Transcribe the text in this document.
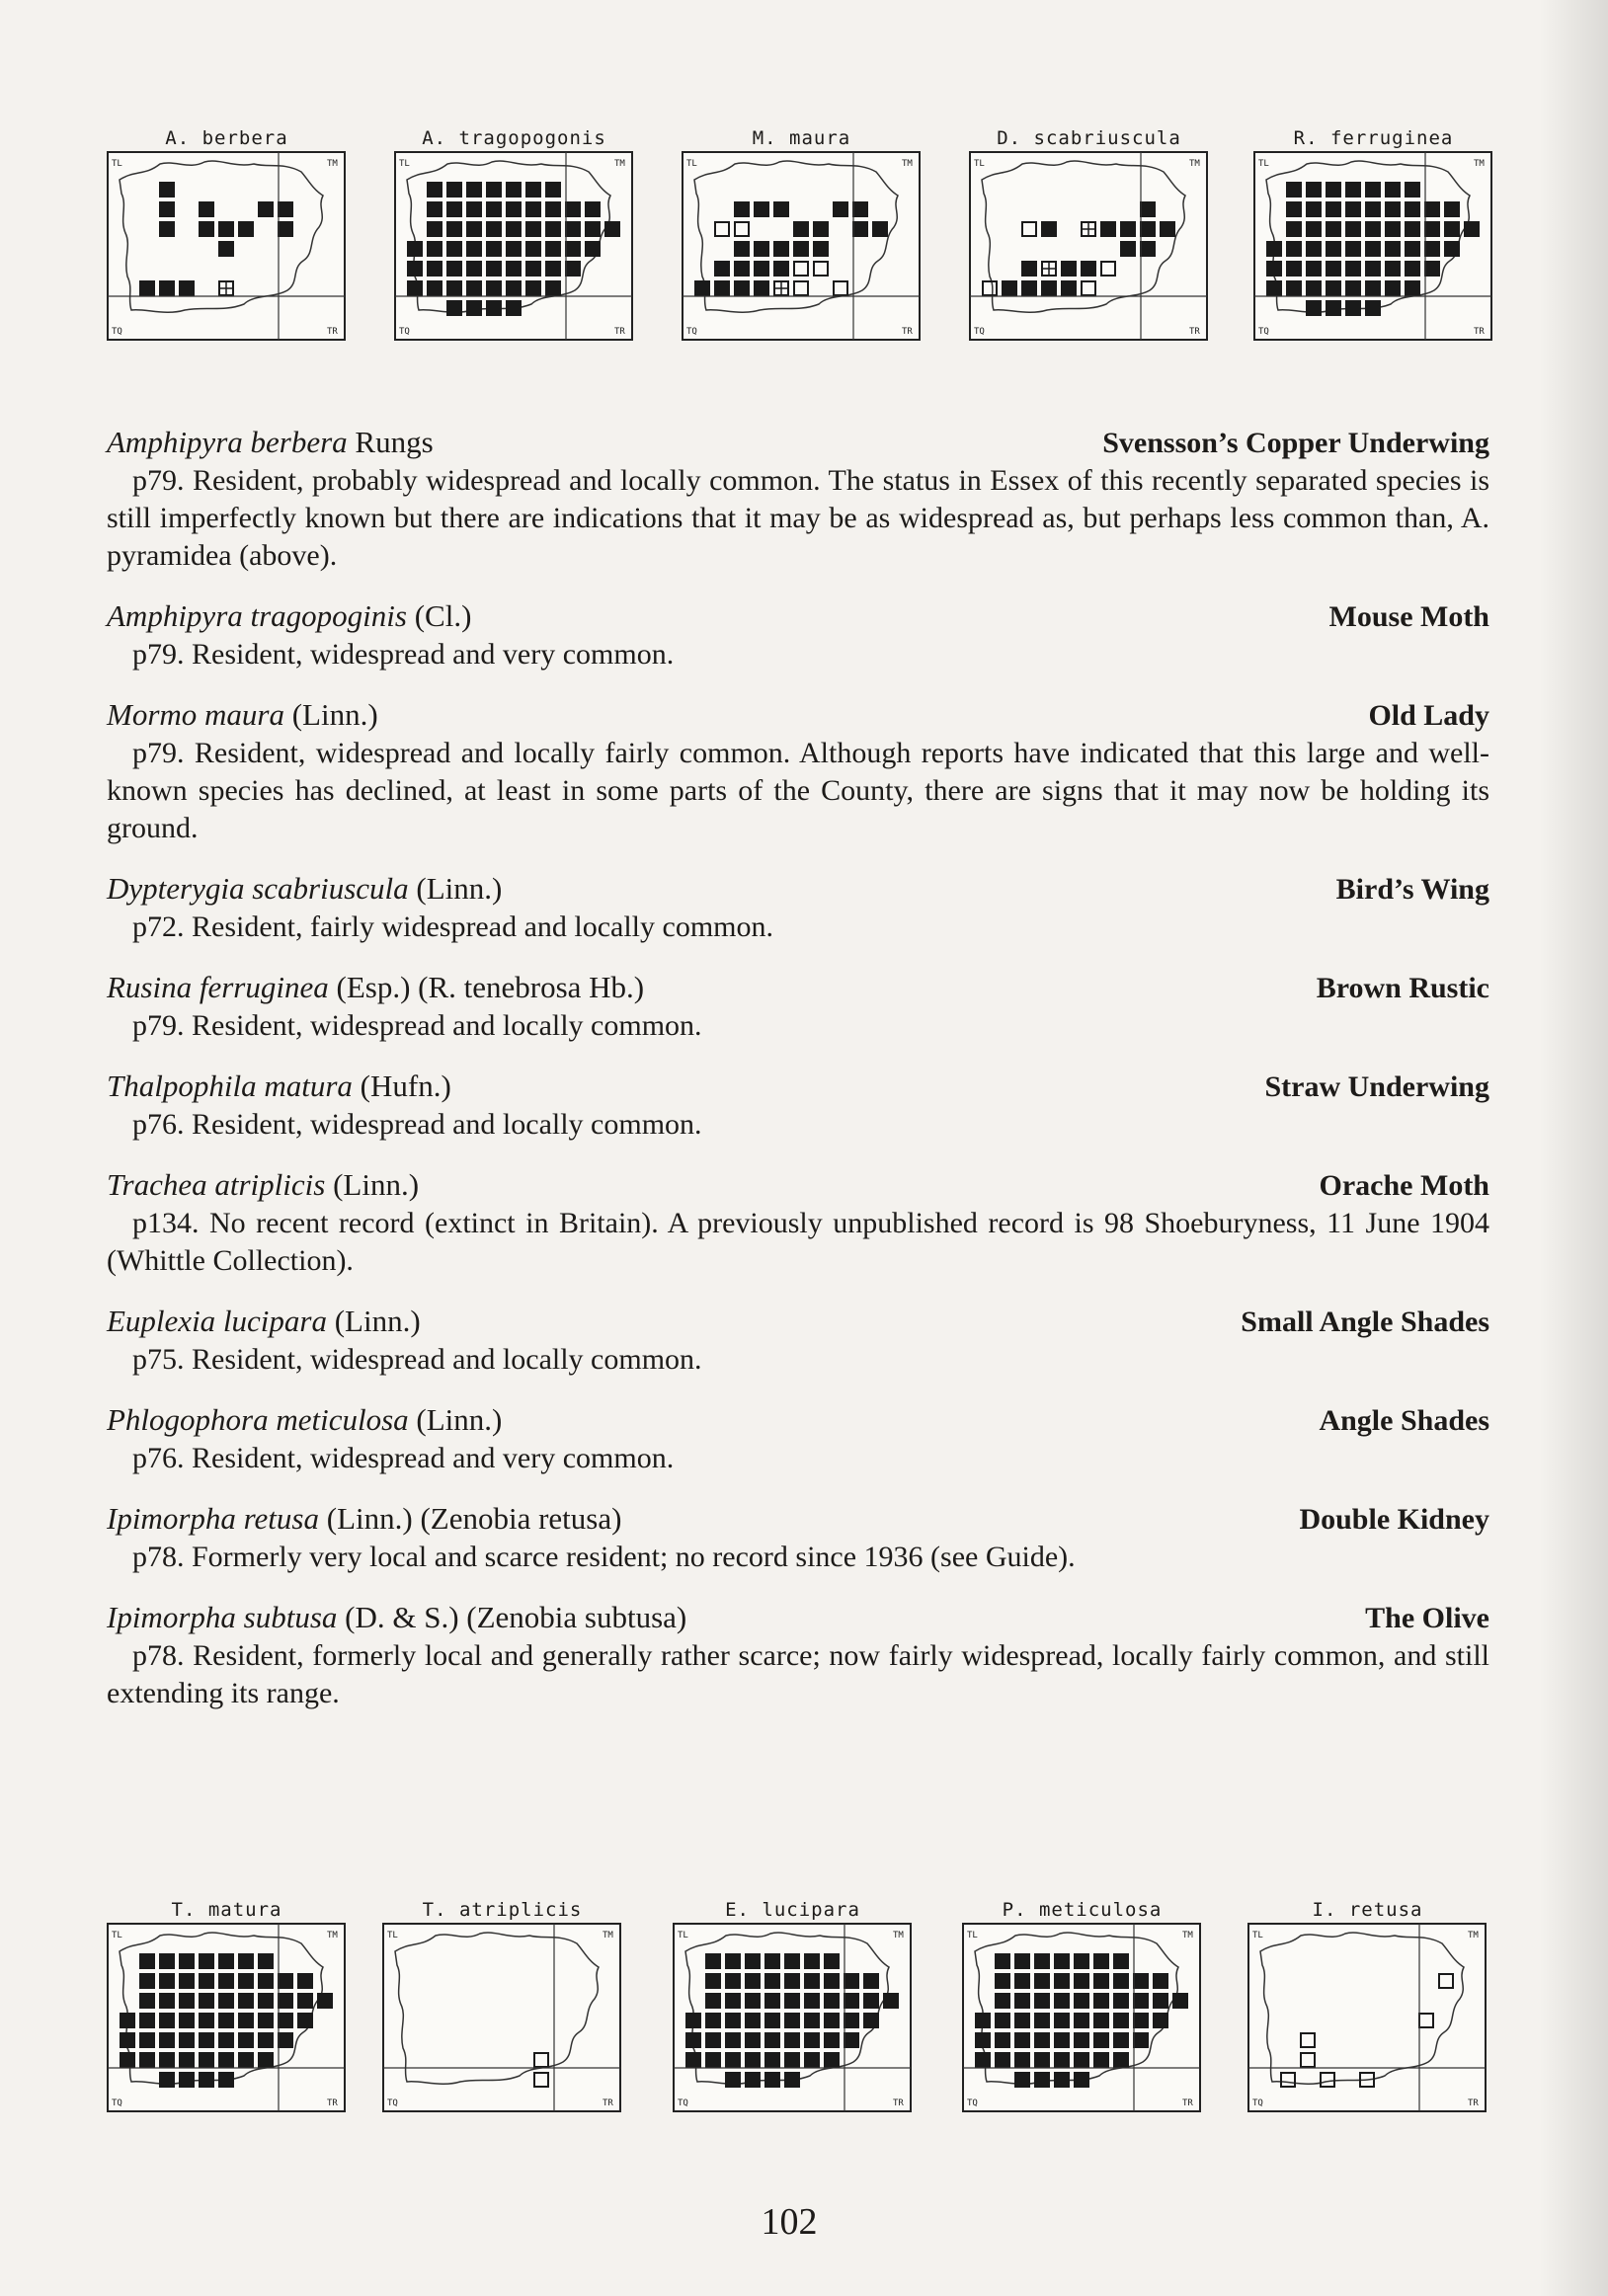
A. berbera
TL	TM
TQ	TR
A. tragopogonis
TL	TM
TQ	TR
M. maura
TL	TM
TQ	TR
D. scabriuscula
TL	TM
TQ	TR
R. ferruginea
TL	TM
TQ	TR
Amphipyra berbera Rungs	Svensson’s Copper Underwing
p79. Resident, probably widespread and locally common. The status in Essex of this recently separated species is still imperfectly known but there are indications that it may be as widespread as, but perhaps less common than, A. pyramidea (above).
Amphipyra tragopoginis (Cl.)	Mouse Moth
p79. Resident, widespread and very common.
Mormo maura (Linn.)	Old Lady
p79. Resident, widespread and locally fairly common. Although reports have indicated that this large and well-known species has declined, at least in some parts of the County, there are signs that it may now be holding its ground.
Dypterygia scabriuscula (Linn.)	Bird’s Wing
p72. Resident, fairly widespread and locally common.
Rusina ferruginea (Esp.) (R. tenebrosa Hb.)	Brown Rustic
p79. Resident, widespread and locally common.
Thalpophila matura (Hufn.)	Straw Underwing
p76. Resident, widespread and locally common.
Trachea atriplicis (Linn.)	Orache Moth
p134. No recent record (extinct in Britain). A previously unpublished record is 98 Shoeburyness, 11 June 1904 (Whittle Collection).
Euplexia lucipara (Linn.)	Small Angle Shades
p75. Resident, widespread and locally common.
Phlogophora meticulosa (Linn.)	Angle Shades
p76. Resident, widespread and very common.
Ipimorpha retusa (Linn.) (Zenobia retusa)	Double Kidney
p78. Formerly very local and scarce resident; no record since 1936 (see Guide).
Ipimorpha subtusa (D. & S.) (Zenobia subtusa)	The Olive
p78. Resident, formerly local and generally rather scarce; now fairly widespread, locally fairly common, and still extending its range.
T. matura
TL	TM
TQ	TR
T. atriplicis
TL	TM
TQ	TR
E. lucipara
TL	TM
TQ	TR
P. meticulosa
TL	TM
TQ	TR
I. retusa
TL	TM
TQ	TR
102
